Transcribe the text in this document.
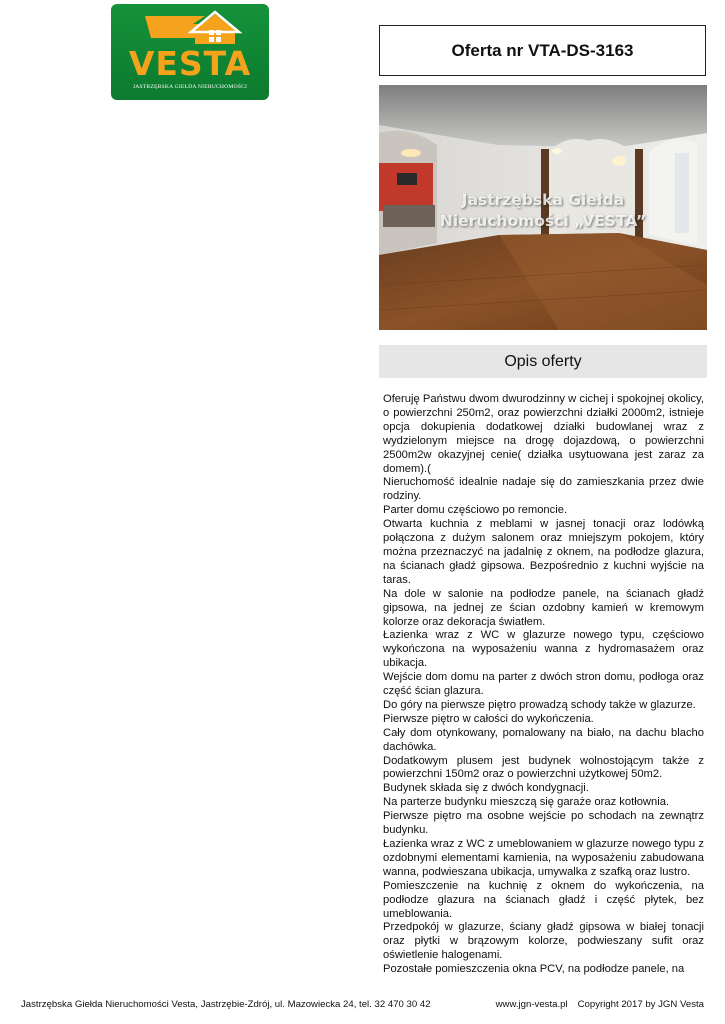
VESTA
JASTRZĘBSKA GIEŁDA NIERUCHOMOŚCI
Oferta nr VTA-DS-3163
Jastrzębska Giełda
Nieruchomości „VESTA”
Opis oferty

Oferuję Państwu dwom dwurodzinny w cichej i spokojnej okolicy, o powierzchni 250m2, oraz powierzchni działki 2000m2, istnieje opcja dokupienia dodatkowej działki budowlanej wraz z wydzielonym miejsce na drogę dojazdową, o powierzchni 2500m2w okazyjnej cenie( działka usytuowana jest zaraz za domem).(

Nieruchomość idealnie nadaje się do zamieszkania przez dwie rodziny.

Parter domu częściowo po remoncie.

Otwarta kuchnia z meblami w jasnej tonacji oraz lodówką połączona z dużym salonem oraz mniejszym pokojem, który można przeznaczyć na jadalnię z oknem, na podłodze glazura, na ścianach gładź gipsowa. Bezpośrednio z kuchni wyjście na taras.

Na dole w salonie na podłodze panele, na ścianach gładź gipsowa, na jednej ze ścian ozdobny kamień w kremowym kolorze oraz dekoracja światłem.

Łazienka wraz z WC w glazurze nowego typu, częściowo wykończona na wyposażeniu wanna z hydromasażem oraz ubikacja.

Wejście dom domu na parter z dwóch stron domu, podłoga oraz część ścian glazura.

Do góry na pierwsze piętro prowadzą schody także w glazurze.

Pierwsze piętro w całości do wykończenia.

Cały dom otynkowany, pomalowany na biało, na dachu blacho dachówka.

Dodatkowym plusem jest budynek wolnostojącym także z powierzchni 150m2 oraz o powierzchni użytkowej 50m2.

Budynek składa się z dwóch kondygnacji.

Na parterze budynku mieszczą się garaże oraz kotłownia.

Pierwsze piętro ma osobne wejście po schodach na zewnątrz budynku.

Łazienka wraz z WC z umeblowaniem w glazurze nowego typu z ozdobnymi elementami kamienia, na wyposażeniu zabudowana wanna, podwieszana ubikacja, umywalka z szafką oraz lustro.

Pomieszczenie na kuchnię z oknem do wykończenia, na podłodze glazura na ścianach gładź i część płytek, bez umeblowania.

Przedpokój w glazurze, ściany gładź gipsowa w białej tonacji oraz płytki w brązowym kolorze, podwieszany sufit oraz oświetlenie halogenami.

Pozostałe pomieszczenia okna PCV, na podłodze panele, na

Jastrzębska Giełda Nieruchomości Vesta, Jastrzębie-Zdrój, ul. Mazowiecka 24, tel. 32 470 30 42	www.jgn-vesta.pl Copyright 2017 by JGN Vesta
